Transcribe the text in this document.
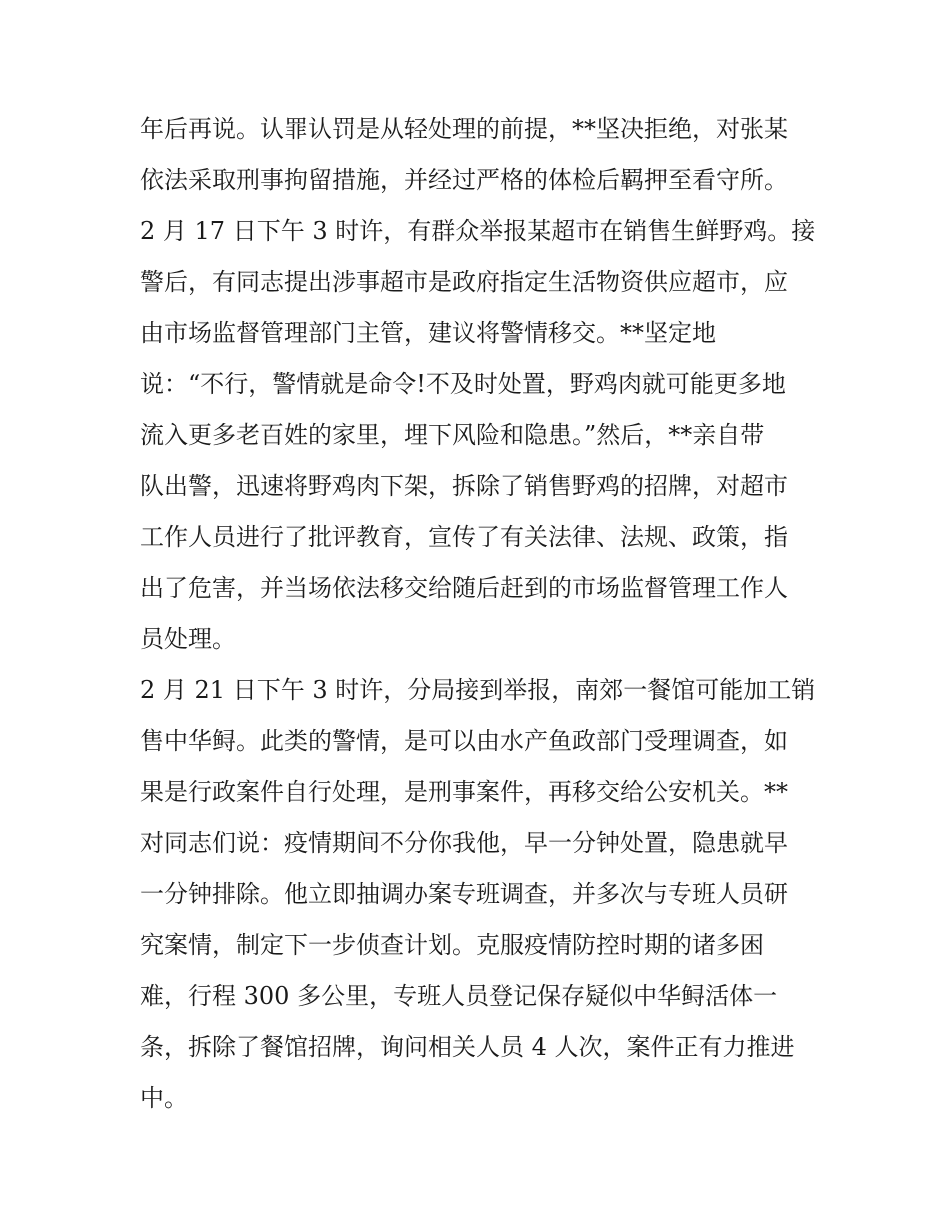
年后再说。认罪认罚是从轻处理的前提，**坚决拒绝，对张某
依法采取刑事拘留措施，并经过严格的体检后羁押至看守所。
2 月 17 日下午 3 时许，有群众举报某超市在销售生鲜野鸡。接
警后，有同志提出涉事超市是政府指定生活物资供应超市，应
由市场监督管理部门主管，建议将警情移交。**坚定地
说：“不行，警情就是命令!不及时处置，野鸡肉就可能更多地
流入更多老百姓的家里，埋下风险和隐患。”然后，**亲自带
队出警，迅速将野鸡肉下架，拆除了销售野鸡的招牌，对超市
工作人员进行了批评教育，宣传了有关法律、法规、政策，指
出了危害，并当场依法移交给随后赶到的市场监督管理工作人
员处理。
2 月 21 日下午 3 时许，分局接到举报，南郊一餐馆可能加工销
售中华鲟。此类的警情，是可以由水产鱼政部门受理调查，如
果是行政案件自行处理，是刑事案件，再移交给公安机关。**
对同志们说：疫情期间不分你我他，早一分钟处置，隐患就早
一分钟排除。他立即抽调办案专班调查，并多次与专班人员研
究案情，制定下一步侦查计划。克服疫情防控时期的诸多困
难，行程 300 多公里，专班人员登记保存疑似中华鲟活体一
条，拆除了餐馆招牌，询问相关人员 4 人次，案件正有力推进
中。
